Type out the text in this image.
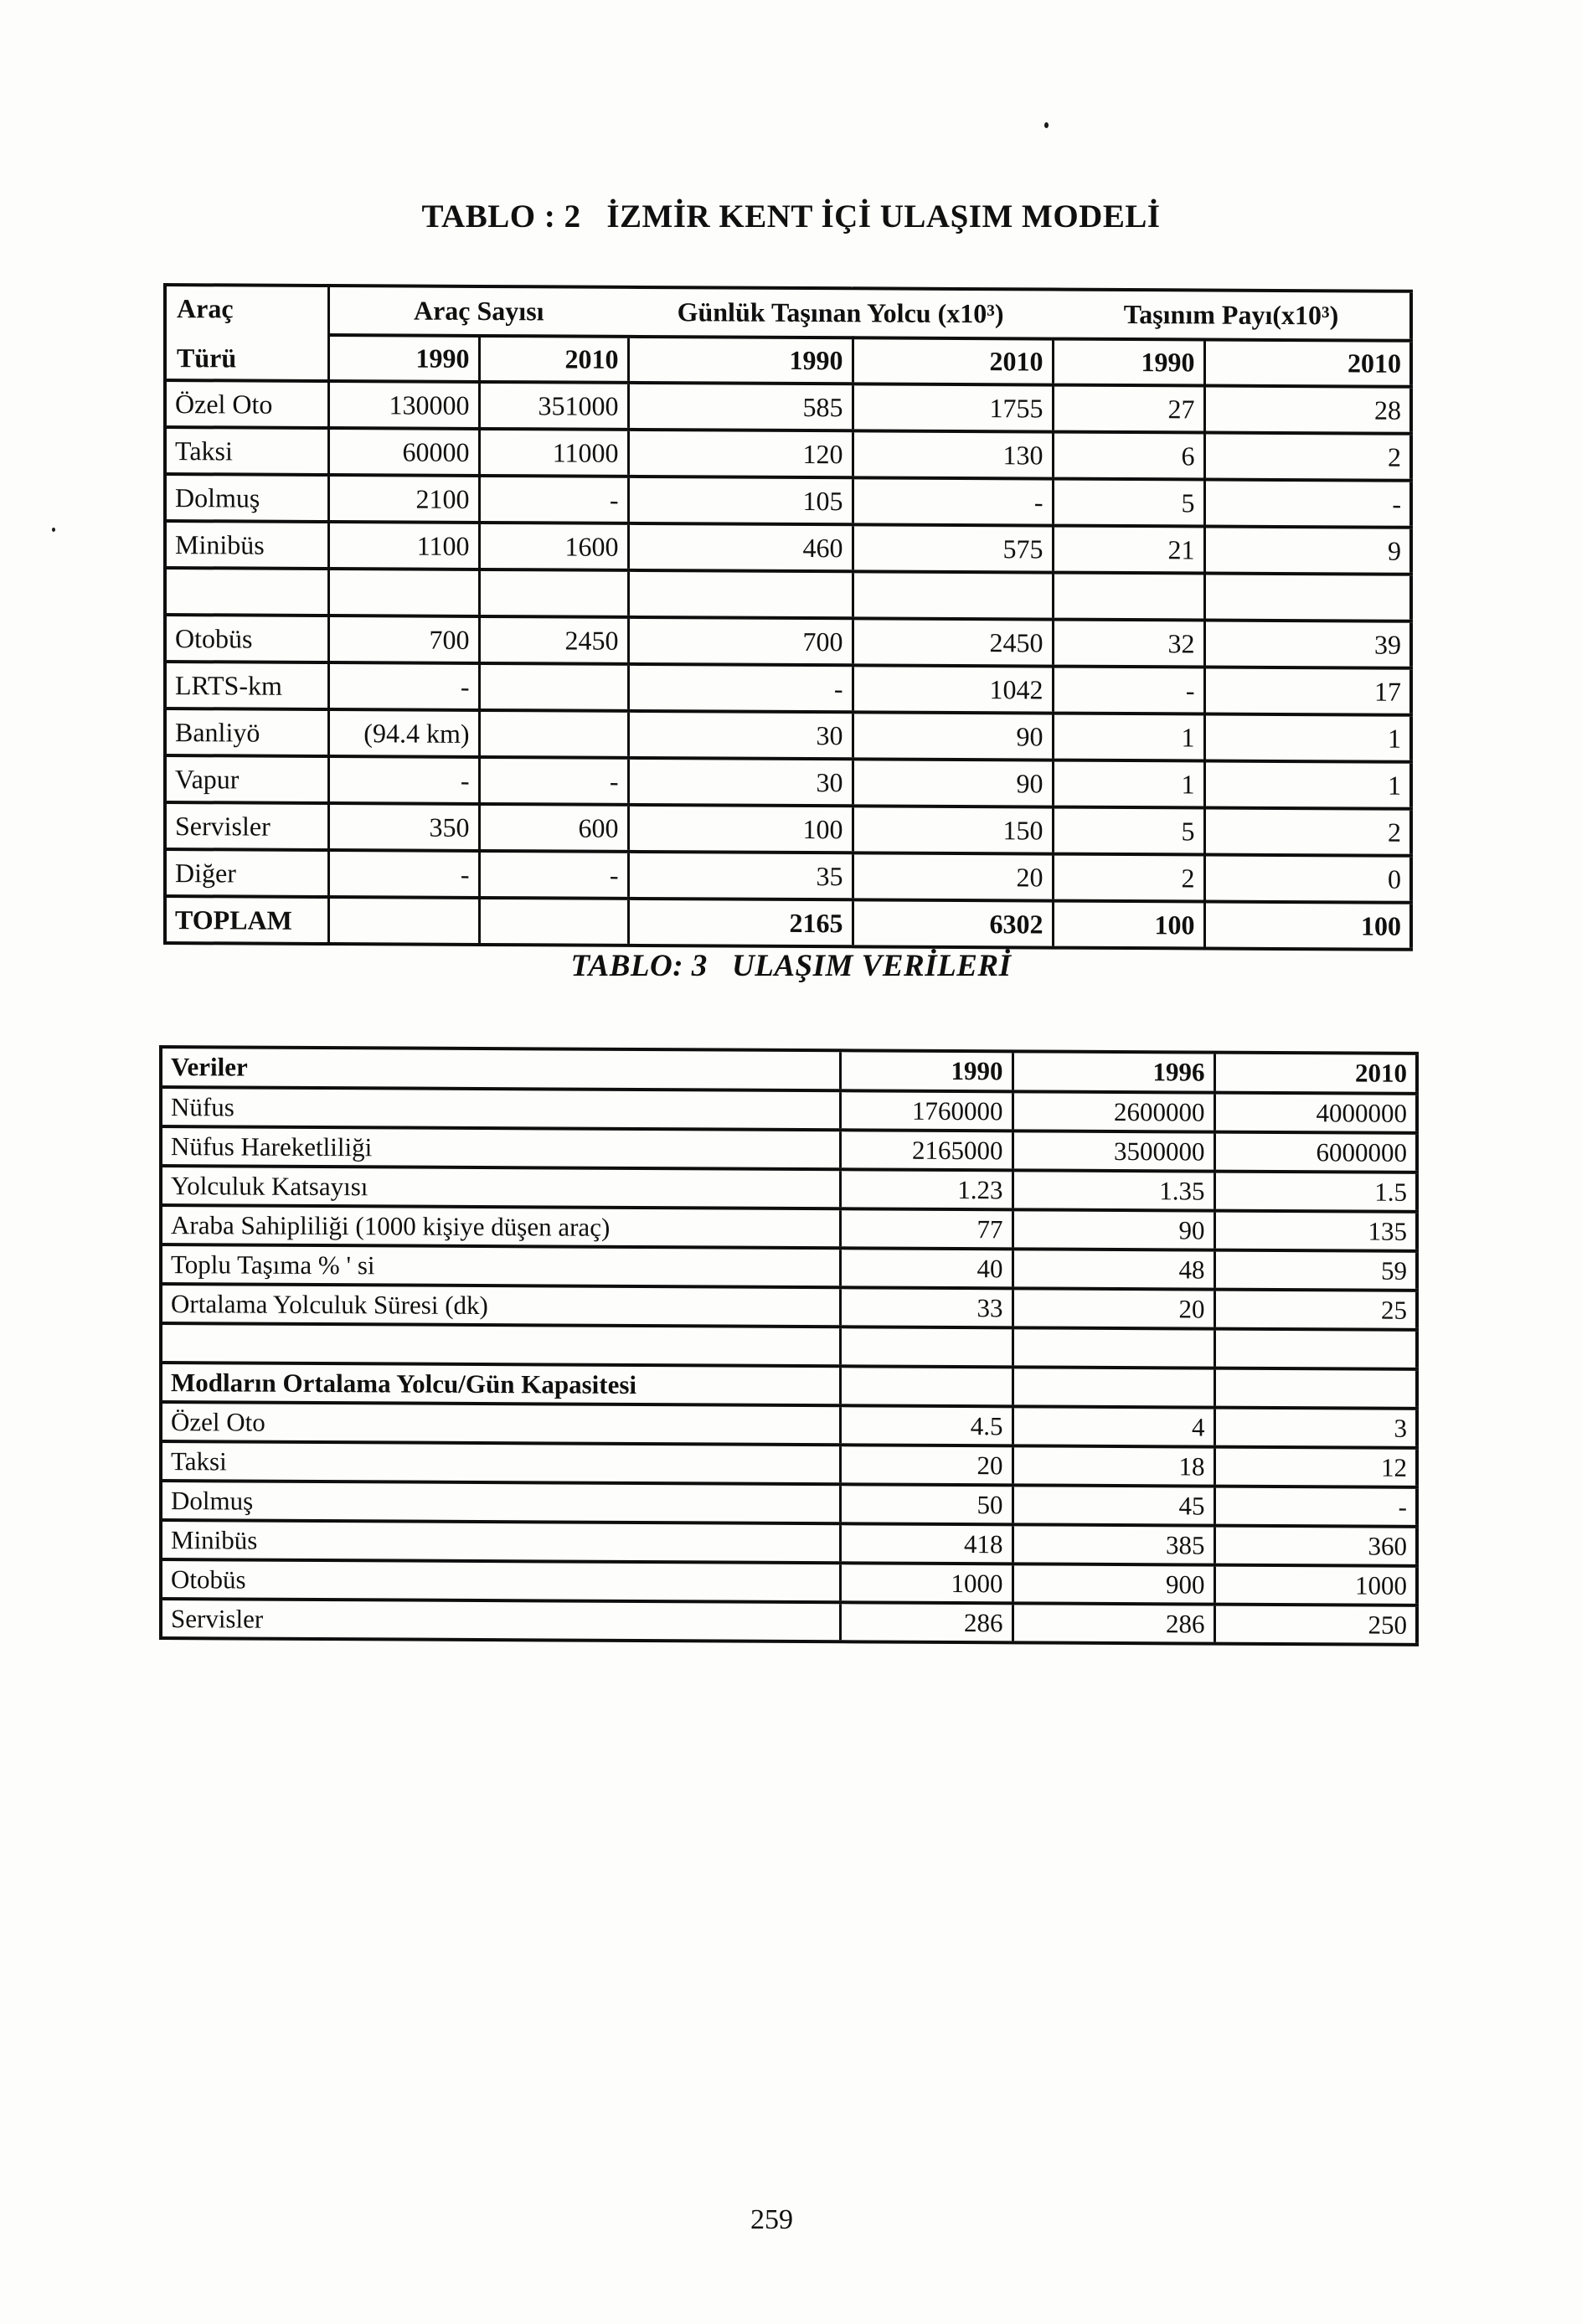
TABLO : 2   İZMİR KENT İÇİ ULAŞIM MODELİ
Araç
Türü	Araç Sayısı		Günlük Taşınan Yolcu (x10³)		Taşınım Payı(x10³)	
	1990	2010	1990	2010	1990	2010
Özel Oto	130000	351000	585	1755	27	28
Taksi	60000	11000	120	130	6	2
Dolmuş	2100	-	105	-	5	-
Minibüs	1100	1600	460	575	21	9

Otobüs	700	2450	700	2450	32	39
LRTS-km	-		-	1042	-	17
Banliyö	(94.4 km)		30	90	1	1
Vapur	-	-	30	90	1	1
Servisler	350	600	100	150	5	2
Diğer	-	-	35	20	2	0
TOPLAM			2165	6302	100	100
TABLO: 3   ULAŞIM VERİLERİ
Veriler	1990	1996	2010
Nüfus	1760000	2600000	4000000
Nüfus Hareketliliği	2165000	3500000	6000000
Yolculuk Katsayısı	1.23	1.35	1.5
Araba Sahipliliği (1000 kişiye düşen araç)	77	90	135
Toplu Taşıma % ' si	40	48	59
Ortalama Yolculuk Süresi (dk)	33	20	25

Modların Ortalama Yolcu/Gün Kapasitesi			
Özel Oto	4.5	4	3
Taksi	20	18	12
Dolmuş	50	45	-
Minibüs	418	385	360
Otobüs	1000	900	1000
Servisler	286	286	250
259
